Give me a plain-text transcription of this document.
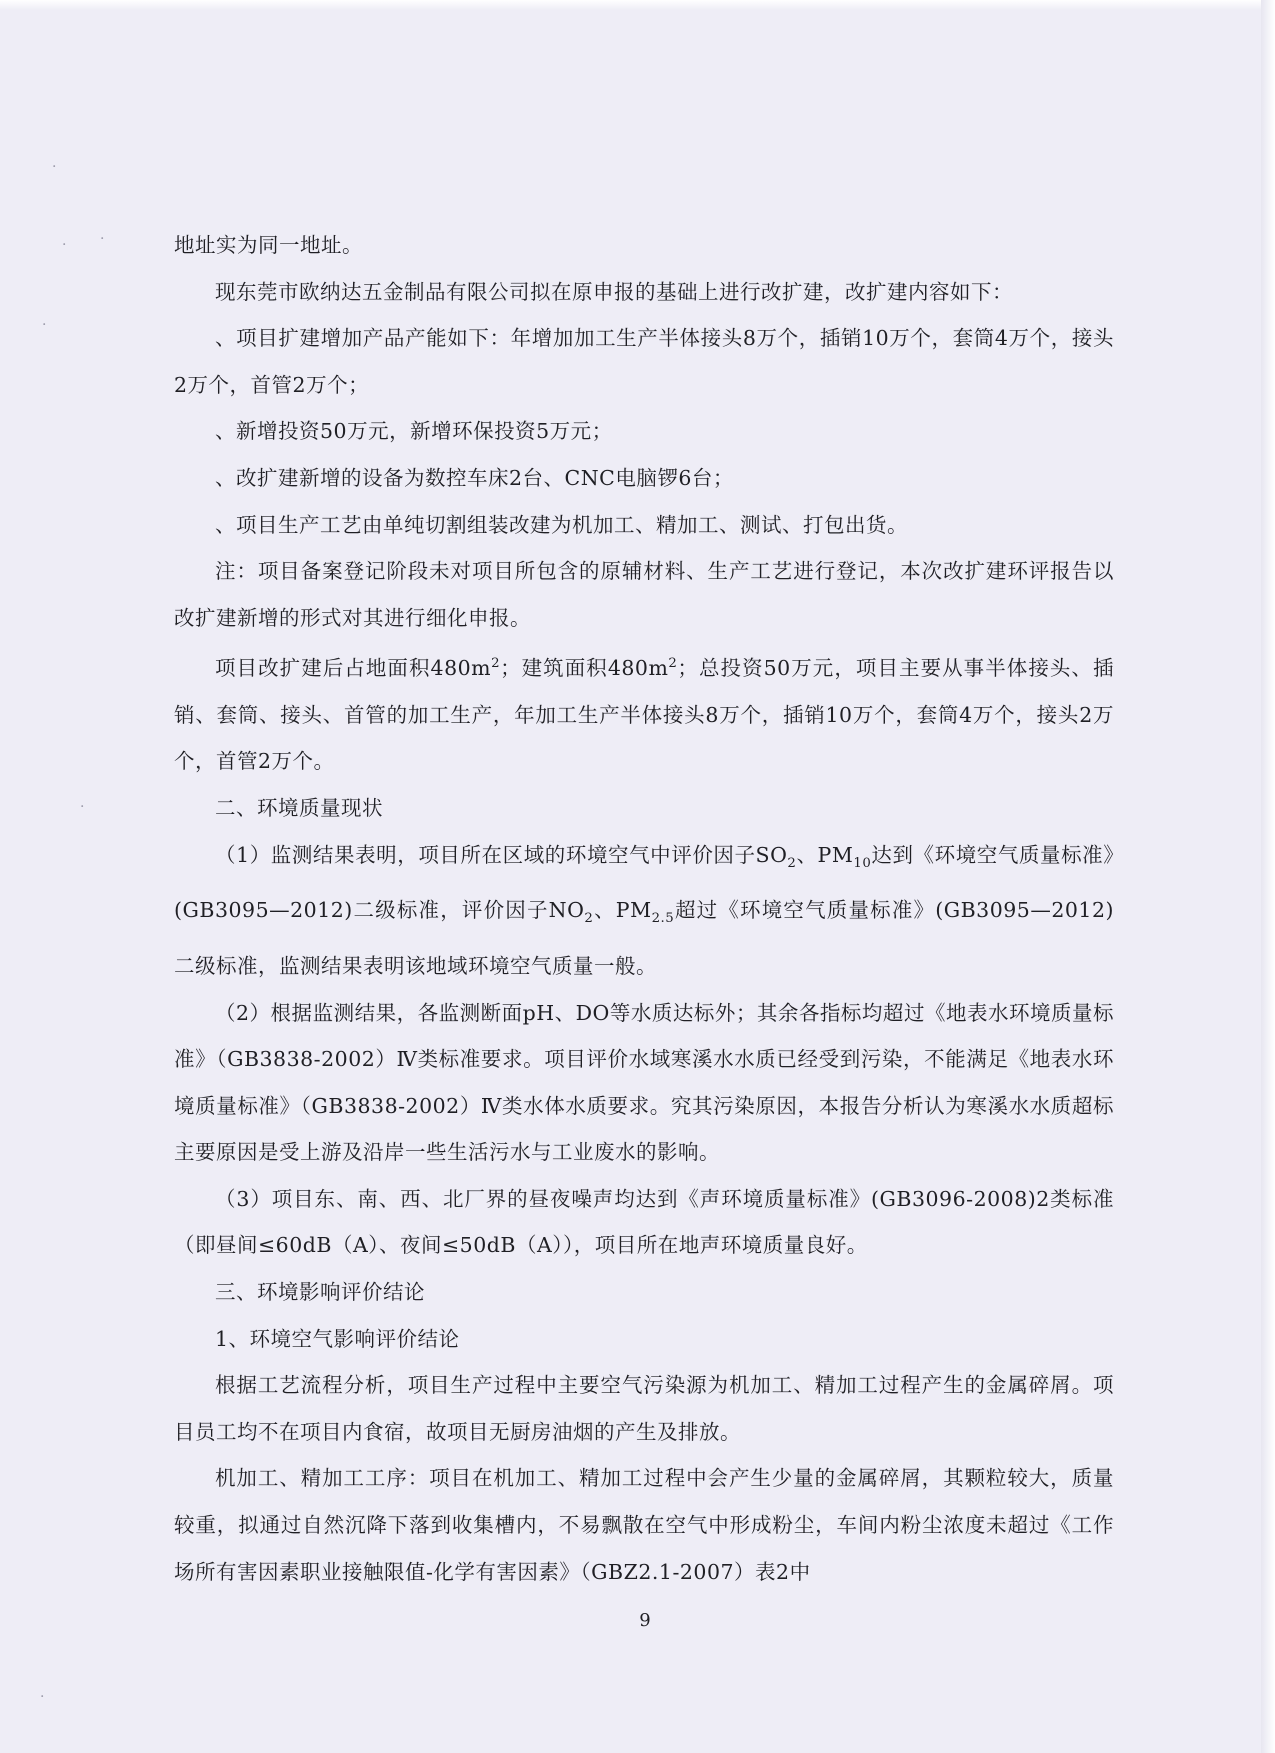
·
· ·
·
·
·

地址实为同一地址。

现东莞市欧纳达五金制品有限公司拟在原申报的基础上进行改扩建，改扩建内容如下：

、项目扩建增加产品产能如下：年增加加工生产半体接头8万个，插销10万个，套筒4万个，接头2万个，首管2万个；

、新增投资50万元，新增环保投资5万元；

、改扩建新增的设备为数控车床2台、CNC电脑锣6台；

、项目生产工艺由单纯切割组装改建为机加工、精加工、测试、打包出货。

注：项目备案登记阶段未对项目所包含的原辅材料、生产工艺进行登记，本次改扩建环评报告以改扩建新增的形式对其进行细化申报。

项目改扩建后占地面积$480m^2$；建筑面积$480m^2$；总投资50万元，项目主要从事半体接头、插销、套筒、接头、首管的加工生产，年加工生产半体接头8万个，插销10万个，套筒4万个，接头2万个，首管2万个。

二、环境质量现状

（1）监测结果表明，项目所在区域的环境空气中评价因子$SO_2$、$PM_{10}$达到《环境空气质量标准》(GB3095—2012)二级标准，评价因子$NO_2$、$PM_{2.5}$超过《环境空气质量标准》(GB3095—2012)二级标准，监测结果表明该地域环境空气质量一般。

（2）根据监测结果，各监测断面pH、DO等水质达标外；其余各指标均超过《地表水环境质量标准》（GB3838-2002）Ⅳ类标准要求。项目评价水域寒溪水水质已经受到污染，不能满足《地表水环境质量标准》（GB3838-2002）Ⅳ类水体水质要求。究其污染原因，本报告分析认为寒溪水水质超标主要原因是受上游及沿岸一些生活污水与工业废水的影响。

（3）项目东、南、西、北厂界的昼夜噪声均达到《声环境质量标准》(GB3096-2008)2类标准（即昼间≤60dB（A）、夜间≤50dB（A）），项目所在地声环境质量良好。

三、环境影响评价结论

1、环境空气影响评价结论

根据工艺流程分析，项目生产过程中主要空气污染源为机加工、精加工过程产生的金属碎屑。项目员工均不在项目内食宿，故项目无厨房油烟的产生及排放。

机加工、精加工工序：项目在机加工、精加工过程中会产生少量的金属碎屑，其颗粒较大，质量较重，拟通过自然沉降下落到收集槽内，不易飘散在空气中形成粉尘，车间内粉尘浓度未超过《工作场所有害因素职业接触限值-化学有害因素》（GBZ2.1-2007）表2中

9
